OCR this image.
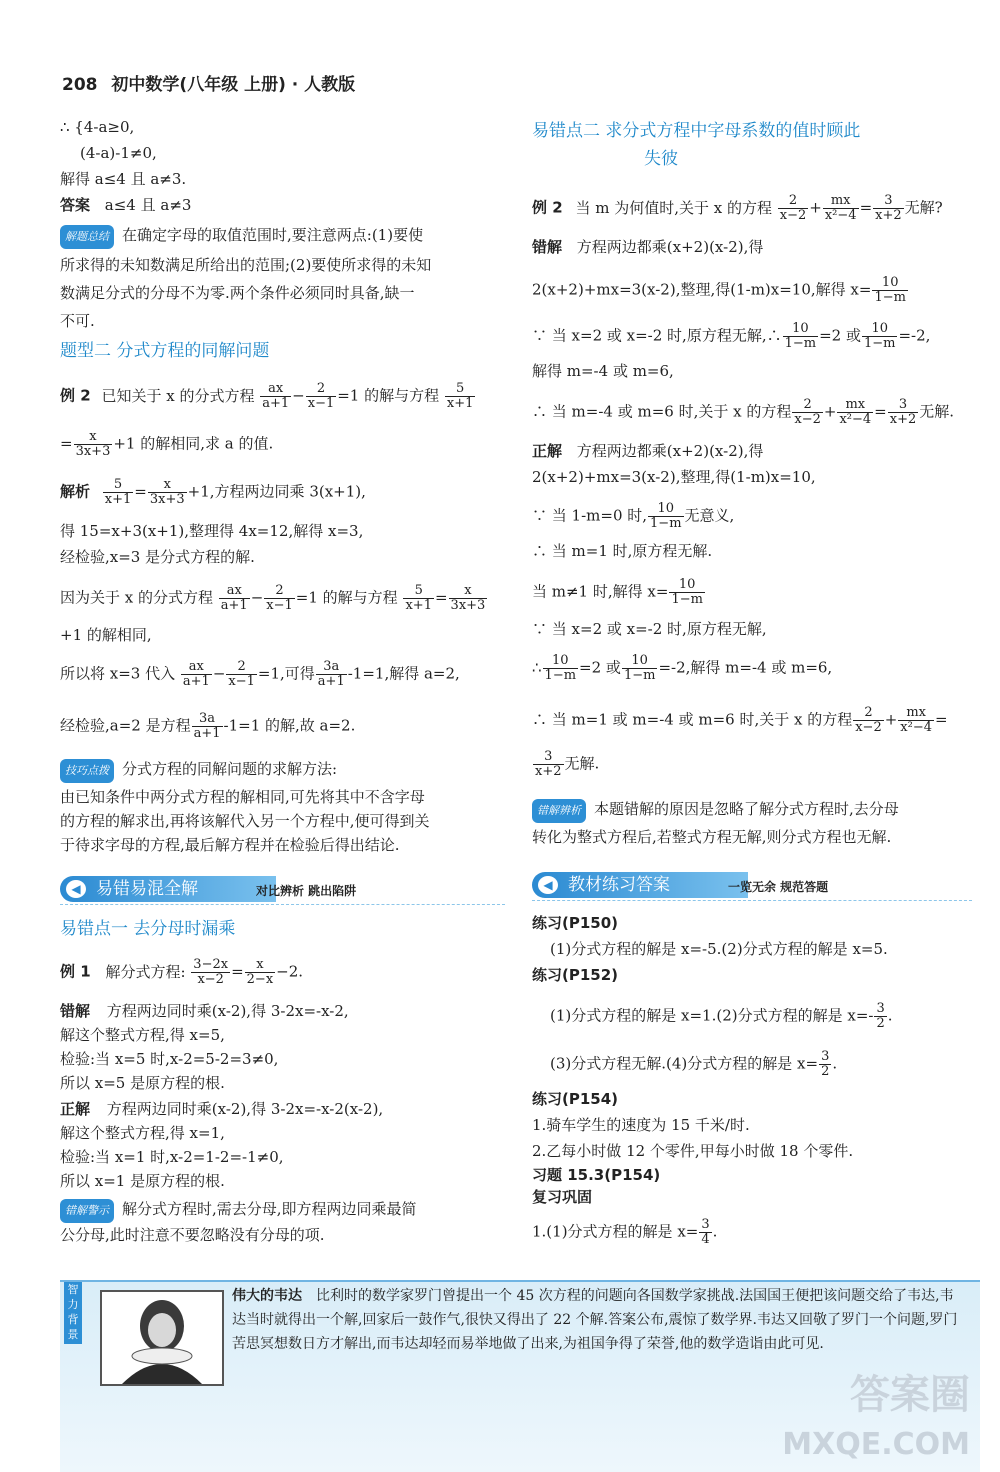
208 初中数学(八年级 上册) · 人教版
∴ {4-a≥0,
(4-a)-1≠0,
解得 a≤4 且 a≠3.
答案 a≤4 且 a≠3
解题总结 在确定字母的取值范围时,要注意两点:(1)要使
所求得的未知数满足所给出的范围;(2)要使所求得的未知
数满足分式的分母不为零.两个条件必须同时具备,缺一
不可.
题型二 分式方程的同解问题
例 2 已知关于 x 的分式方程 $\frac{ax}{a+1} - \frac{2}{x-1} =1$ 的解与方程 $\frac{5}{x+1}$
= $\frac{x}{3x+3} +1$ 的解相同,求 a 的值.
解析 $\frac{5}{x+1} = \frac{x}{3x+3} +1$,方程两边同乘 3(x+1),
得 15=x+3(x+1),整理得 4x=12,解得 x=3,
经检验,x=3 是分式方程的解.
因为关于 x 的分式方程 $\frac{ax}{a+1} - \frac{2}{x-1} =1$ 的解与方程 $\frac{5}{x+1} = \frac{x}{3x+3}$
+1 的解相同,
所以将 x=3 代入 $\frac{ax}{a+1} - \frac{2}{x-1} =1$,可得 $\frac{3a}{a+1} -1=1$,解得 a=2,
经检验,a=2 是方程 $\frac{3a}{a+1} -1=1$ 的解,故 a=2.
技巧点拨 分式方程的同解问题的求解方法:
由已知条件中两分式方程的解相同,可先将其中不含字母
的方程的解求出,再将该解代入另一个方程中,便可得到关
于待求字母的方程,最后解方程并在检验后得出结论.
◀ 易错易混全解	对比辨析 跳出陷阱
易错点一 去分母时漏乘
例 1 解分式方程: $\frac{3-2x}{x-2} = \frac{x}{2-x} -2$.
错解 方程两边同时乘(x-2),得 3-2x=-x-2,
解这个整式方程,得 x=5,
检验:当 x=5 时,x-2=5-2=3≠0,
所以 x=5 是原方程的根.
正解 方程两边同时乘(x-2),得 3-2x=-x-2(x-2),
解这个整式方程,得 x=1,
检验:当 x=1 时,x-2=1-2=-1≠0,
所以 x=1 是原方程的根.
错解警示 解分式方程时,需去分母,即方程两边同乘最简
公分母,此时注意不要忽略没有分母的项.
易错点二 求分式方程中字母系数的值时顾此
失彼
例 2 当 m 为何值时,关于 x 的方程 $\frac{2}{x-2} + \frac{mx}{\text{x²−4}} = \frac{3}{x+2}$ 无解?
错解 方程两边都乘(x+2)(x-2),得
2(x+2)+mx=3(x-2),整理,得(1-m)x=10,解得 $x= \frac{10}{1-m}$
∵ 当 x=2 或 x=-2 时,原方程无解,∴ $\frac{10}{1-m} =2$ 或 $\frac{10}{1-m} =-2$,
解得 m=-4 或 m=6,
∴ 当 m=-4 或 m=6 时,关于 x 的方程 $\frac{2}{x-2} + \frac{mx}{\text{x²−4}} = \frac{3}{x+2}$ 无解.
正解 方程两边都乘(x+2)(x-2),得
2(x+2)+mx=3(x-2),整理,得(1-m)x=10,
∵ 当 1-m=0 时, $\frac{10}{1-m}$ 无意义,
∴ 当 m=1 时,原方程无解.
当 m≠1 时,解得 $x= \frac{10}{1-m}$
∵ 当 x=2 或 x=-2 时,原方程无解,
∴ $\frac{10}{1-m} =2$ 或 $\frac{10}{1-m} =-2$,解得 m=-4 或 m=6,
∴ 当 m=1 或 m=-4 或 m=6 时,关于 x 的方程 $\frac{2}{x-2} + \frac{mx}{\text{x²−4}}$ =
$\frac{3}{x+2}$ 无解.
错解辨析 本题错解的原因是忽略了解分式方程时,去分母
转化为整式方程后,若整式方程无解,则分式方程也无解.
◀ 教材练习答案	一览无余 规范答题
练习(P150)
(1)分式方程的解是 x=-5.(2)分式方程的解是 x=5.
练习(P152)
(1)分式方程的解是 x=1.(2)分式方程的解是 $x=- \frac{3}{2}$ .
(3)分式方程无解.(4)分式方程的解是 $x= \frac{3}{2}$ .
练习(P154)
1.骑车学生的速度为 15 千米/时.
2.乙每小时做 12 个零件,甲每小时做 18 个零件.
习题 15.3(P154)
复习巩固
1.(1)分式方程的解是 $x= \frac{3}{4}$ .
智力背景
伟大的韦达 比利时的数学家罗门曾提出一个 45 次方程的问题向各国数学家挑战.法国国王便把该问题交给了韦达,韦达当时就得出一个解,回家后一鼓作气,很快又得出了 22 个解.答案公布,震惊了数学界.韦达又回敬了罗门一个问题,罗门苦思冥想数日方才解出,而韦达却轻而易举地做了出来,为祖国争得了荣誉,他的数学造诣由此可见.
答案圈
MXQE.COM
